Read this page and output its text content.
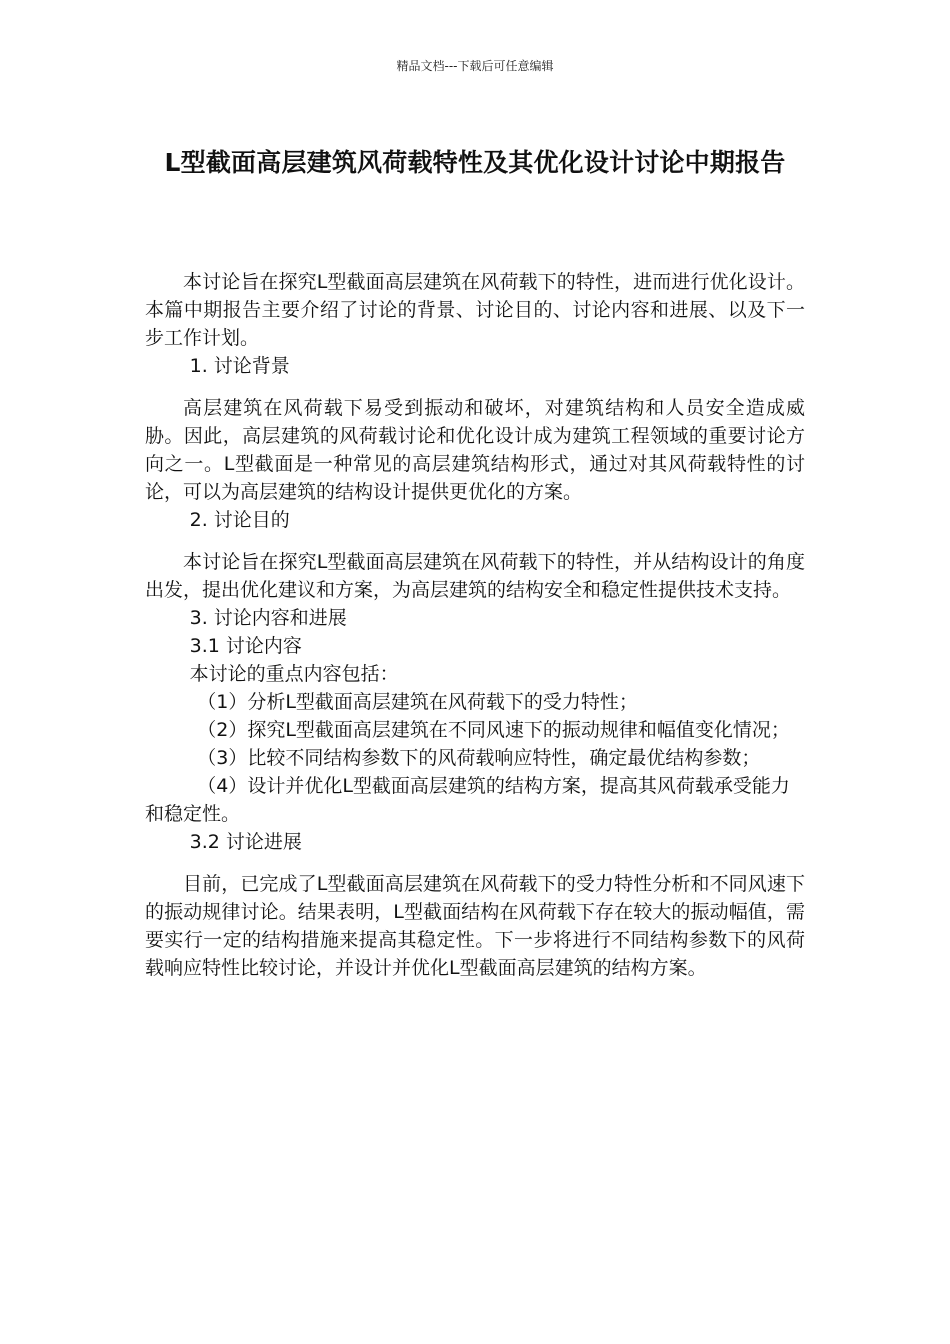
精品文档---下载后可任意编辑
L型截面高层建筑风荷载特性及其优化设计讨论中期报告

本讨论旨在探究L型截面高层建筑在风荷载下的特性，进而进行优化设计。本篇中期报告主要介绍了讨论的背景、讨论目的、讨论内容和进展、以及下一步工作计划。

1. 讨论背景

高层建筑在风荷载下易受到振动和破坏，对建筑结构和人员安全造成威胁。因此，高层建筑的风荷载讨论和优化设计成为建筑工程领域的重要讨论方向之一。L型截面是一种常见的高层建筑结构形式，通过对其风荷载特性的讨论，可以为高层建筑的结构设计提供更优化的方案。

2. 讨论目的

本讨论旨在探究L型截面高层建筑在风荷载下的特性，并从结构设计的角度出发，提出优化建议和方案，为高层建筑的结构安全和稳定性提供技术支持。

3. 讨论内容和进展

3.1 讨论内容

本讨论的重点内容包括：

（1）分析L型截面高层建筑在风荷载下的受力特性；

（2）探究L型截面高层建筑在不同风速下的振动规律和幅值变化情况；

（3）比较不同结构参数下的风荷载响应特性，确定最优结构参数；

（4）设计并优化L型截面高层建筑的结构方案，提高其风荷载承受能力和稳定性。

3.2 讨论进展

目前，已完成了L型截面高层建筑在风荷载下的受力特性分析和不同风速下的振动规律讨论。结果表明，L型截面结构在风荷载下存在较大的振动幅值，需要实行一定的结构措施来提高其稳定性。下一步将进行不同结构参数下的风荷载响应特性比较讨论，并设计并优化L型截面高层建筑的结构方案。
